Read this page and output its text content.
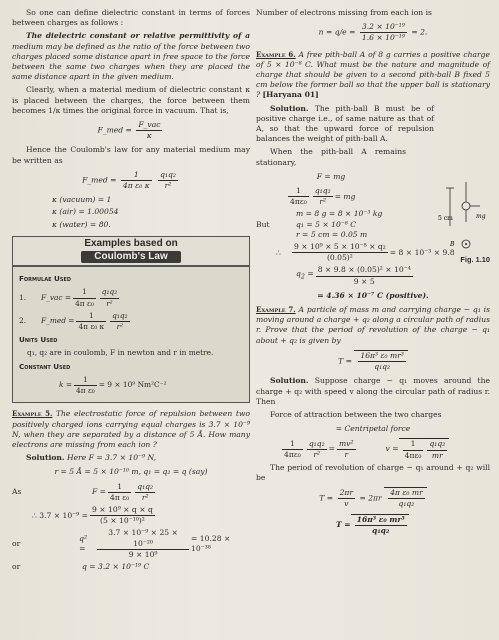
So one can define dielectric constant in terms of forces between charges as follows :

The dielectric constant or relative permittivity of a medium may be defined as the ratio of the force between two charges placed some distance apart in free space to the force between the same two charges when they are placed the same distance apart in the given medium.

Clearly, when a material medium of dielectric constant κ is placed between the charges, the force between them becomes 1/κ times the original force in vacuum. That is,

F_med = $\frac{\text{F\_vac}}{\kappa}$

Hence the Coulomb's law for any material medium may be written as

F_med = $\frac{1}{\text{4π ε₀ κ}}$
$\frac{\text{q₁q₂}}{\text{r²}}$
κ (vacuum) = 1
κ (air) = 1.00054
κ (water) = 80.
Examples based on
Coulomb's Law
Formulae Used
1.	F_vac = $\frac{1}{\text{4π ε₀}} \frac{\text{q₁q₂}}{\text{r²}}$
2.	F_med = $\frac{1}{\text{4π ε₀ κ}} \frac{\text{q₁q₂}}{\text{r²}}$
Units Used
q₁, q₂ are in coulomb, F in newton and r in metre.
Constant Used
$k = \frac{1}{\text{4π ε₀}} = 9 \times 10^9$ Nm²C⁻²

Example 5. The electrostatic force of repulsion between two positively charged ions carrying equal charges is 3.7 × 10⁻⁹ N, when they are separated by a distance of 5 Å. How many electrons are missing from each ion ?

Solution. Here F = 3.7 × 10⁻⁹ N,

r = 5 Å = 5 × 10⁻¹⁰ m, q₁ = q₂ = q (say)
As	$F = \frac{1}{\text{4π ε₀}} \frac{\text{q₁q₂}}{\text{r²}}$
∴ $3.7 \times 10^{-9} = \frac{\text{9 × 10⁹ × q × q}}{\text{(5 × 10⁻¹⁰)²}}$
or
q² =	$\frac{\text{3.7 × 10⁻⁹ × 25 × 10⁻²⁰}}{\text{9 × 10⁹}} = 10.28 \times 10^{-38}$
or	q = 3.2 × 10⁻¹⁹ C

Number of electrons missing from each ion is

$n = q/e = \frac{\text{3.2 × 10⁻¹⁹}}{\text{1.6 × 10⁻¹⁹}} = 2$.

Example 6. A free pith-ball A of 8 g carries a positive charge of 5 × 10⁻⁸ C. What must be the nature and magnitude of charge that should be given to a second pith-ball B fixed 5 cm below the former ball so that the upper ball is stationary ? [Haryana 01]

Solution. The pith-ball B must be of positive charge i.e., of same nature as that of A, so that the upward force of repulsion balances the weight of pith-ball A.

5 cm	mg
B
Fig. 1.10

When the pith-ball A remains stationary,

F = mg
$\frac{1}{\text{4πε₀}} \frac{\text{q₁q₂}}{\text{r²}}$ = mg
But
m = 8 g = 8 × 10⁻³ kg
q₁ = 5 × 10⁻⁸ C
r = 5 cm = 0.05 m
∴	$\frac{\text{9 × 10⁹ × 5 × 10⁻⁸ × q₂}}{\text{(0.05)²}} = 8 \times 10^{-3} \times 9.8$
$q_2 = \frac{\text{8 × 9.8 × (0.05)² × 10⁻⁴}}{9 \times 5}$
= 4.36 × 10⁻⁷ C (positive).

Example 7. A particle of mass m and carrying charge − q₁ is moving around a charge + q₂ along a circular path of radius r. Prove that the period of revolution of the charge − q₁ about + q₂ is given by

$T = \frac{\text{16π³ ε₀ mr³}}{\text{q₁q₂}}$

Solution. Suppose charge − q₁ moves around the charge + q₂ with speed v along the circular path of radius r. Then

Force of attraction between the two charges

= Centripetal force
$\frac{1}{\text{4πε₀}} \frac{\text{q₁q₂}}{\text{r²}} = \frac{\text{mv²}}{r}$	$v = \frac{1}{\text{4πε₀}} \frac{\text{q₁q₂}}{mr}$

The period of revolution of charge − q₁ around + q₂ will be

$T = \frac{2\pi r}{v} = 2\pi r \frac{\text{4π ε₀ mr}}{\text{q₁q₂}}$
$T = \frac{\text{16π³ ε₀ mr³}}{\text{q₁q₂}}$
